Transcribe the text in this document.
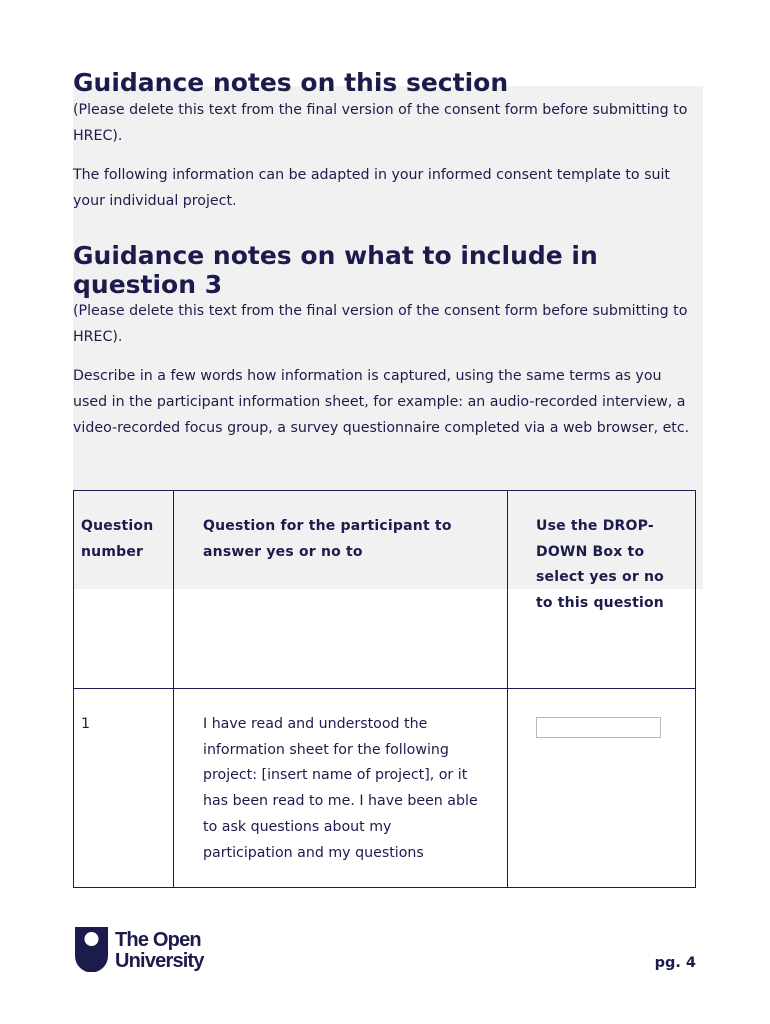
Guidance notes on this section

(Please delete this text from the final version of the consent form before submitting to HREC).

The following information can be adapted in your informed consent template to suit your individual project.

Guidance notes on what to include in question 3

(Please delete this text from the final version of the consent form before submitting to HREC).

Describe in a few words how information is captured, using the same terms as you used in the participant information sheet, for example: an audio-recorded interview, a video-recorded focus group, a survey questionnaire completed via a web browser, etc.

Question number
Question for the participant to answer yes or no to
Use the DROP-DOWN Box to select yes or no to this question
1	I have read and understood the information sheet for the following project: [insert name of project], or it has been read to me. I have been able to ask questions about my participation and my questions
The Open
University	pg. 4
